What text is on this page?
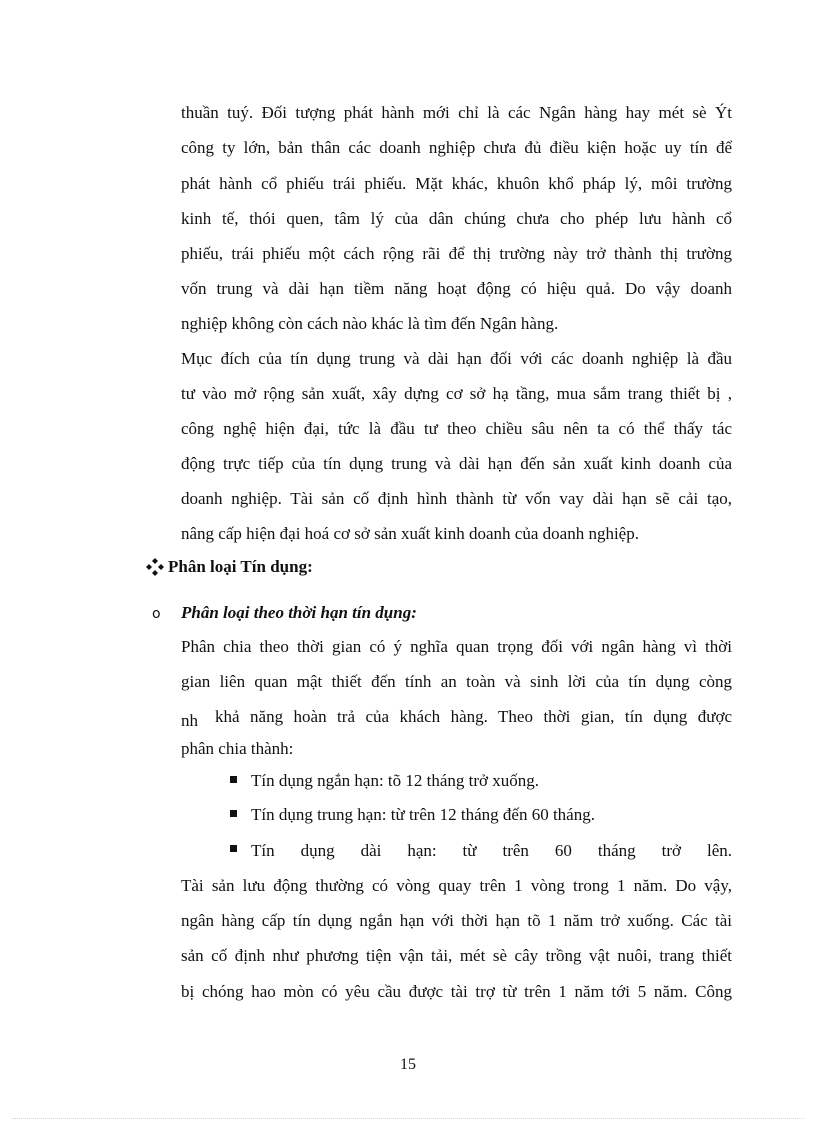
thuần tuý. Đối tượng phát hành mới chỉ là các Ngân hàng hay mét sè Ýt
công ty lớn, bản thân các doanh nghiệp chưa đủ điều kiện hoặc uy tín để
phát hành cổ phiếu trái phiếu. Mặt khác, khuôn khổ pháp lý, môi trường
kinh tế, thói quen, tâm lý của dân chúng chưa cho phép lưu hành cổ
phiếu, trái phiếu một cách rộng rãi để thị trường này trở thành thị trường
vốn trung và dài hạn tiềm năng hoạt động có hiệu quả. Do vậy doanh
nghiệp không còn cách nào khác là tìm đến Ngân hàng.
Mục đích của tín dụng trung và dài hạn đối với các doanh nghiệp là đầu
tư vào mở rộng sản xuất, xây dựng cơ sở hạ tầng, mua sắm trang thiết bị ,
công nghệ hiện đại, tức là đầu tư theo chiều sâu nên ta có thể thấy tác
động trực tiếp của tín dụng trung và dài hạn đến sản xuất kinh doanh của
doanh nghiệp. Tài sản cố định hình thành từ vốn vay dài hạn sẽ cải tạo,
nâng cấp hiện đại hoá cơ sở sản xuất kinh doanh của doanh nghiệp.
Phân loại Tín dụng:
o Phân loại theo thời hạn tín dụng:
Phân chia theo thời gian có ý nghĩa quan trọng đối với ngân hàng vì thời
gian liên quan mật thiết đến tính an toàn và sinh lời của tín dụng còng
nh khả năng hoàn trả của khách hàng. Theo thời gian, tín dụng được
phân chia thành:
Tín dụng ngắn hạn: tõ 12 tháng trở xuống.
Tín dụng trung hạn: từ trên 12 tháng đến 60 tháng.
Tín dụng dài hạn: từ trên 60 tháng trở lên.
Tài sản lưu động thường có vòng quay trên 1 vòng trong 1 năm. Do vậy,
ngân hàng cấp tín dụng ngắn hạn với thời hạn tõ 1 năm trở xuống. Các tài
sản cố định như phương tiện vận tải, mét sè cây trồng vật nuôi, trang thiết
bị chóng hao mòn có yêu cầu được tài trợ từ trên 1 năm tới 5 năm. Công
15
